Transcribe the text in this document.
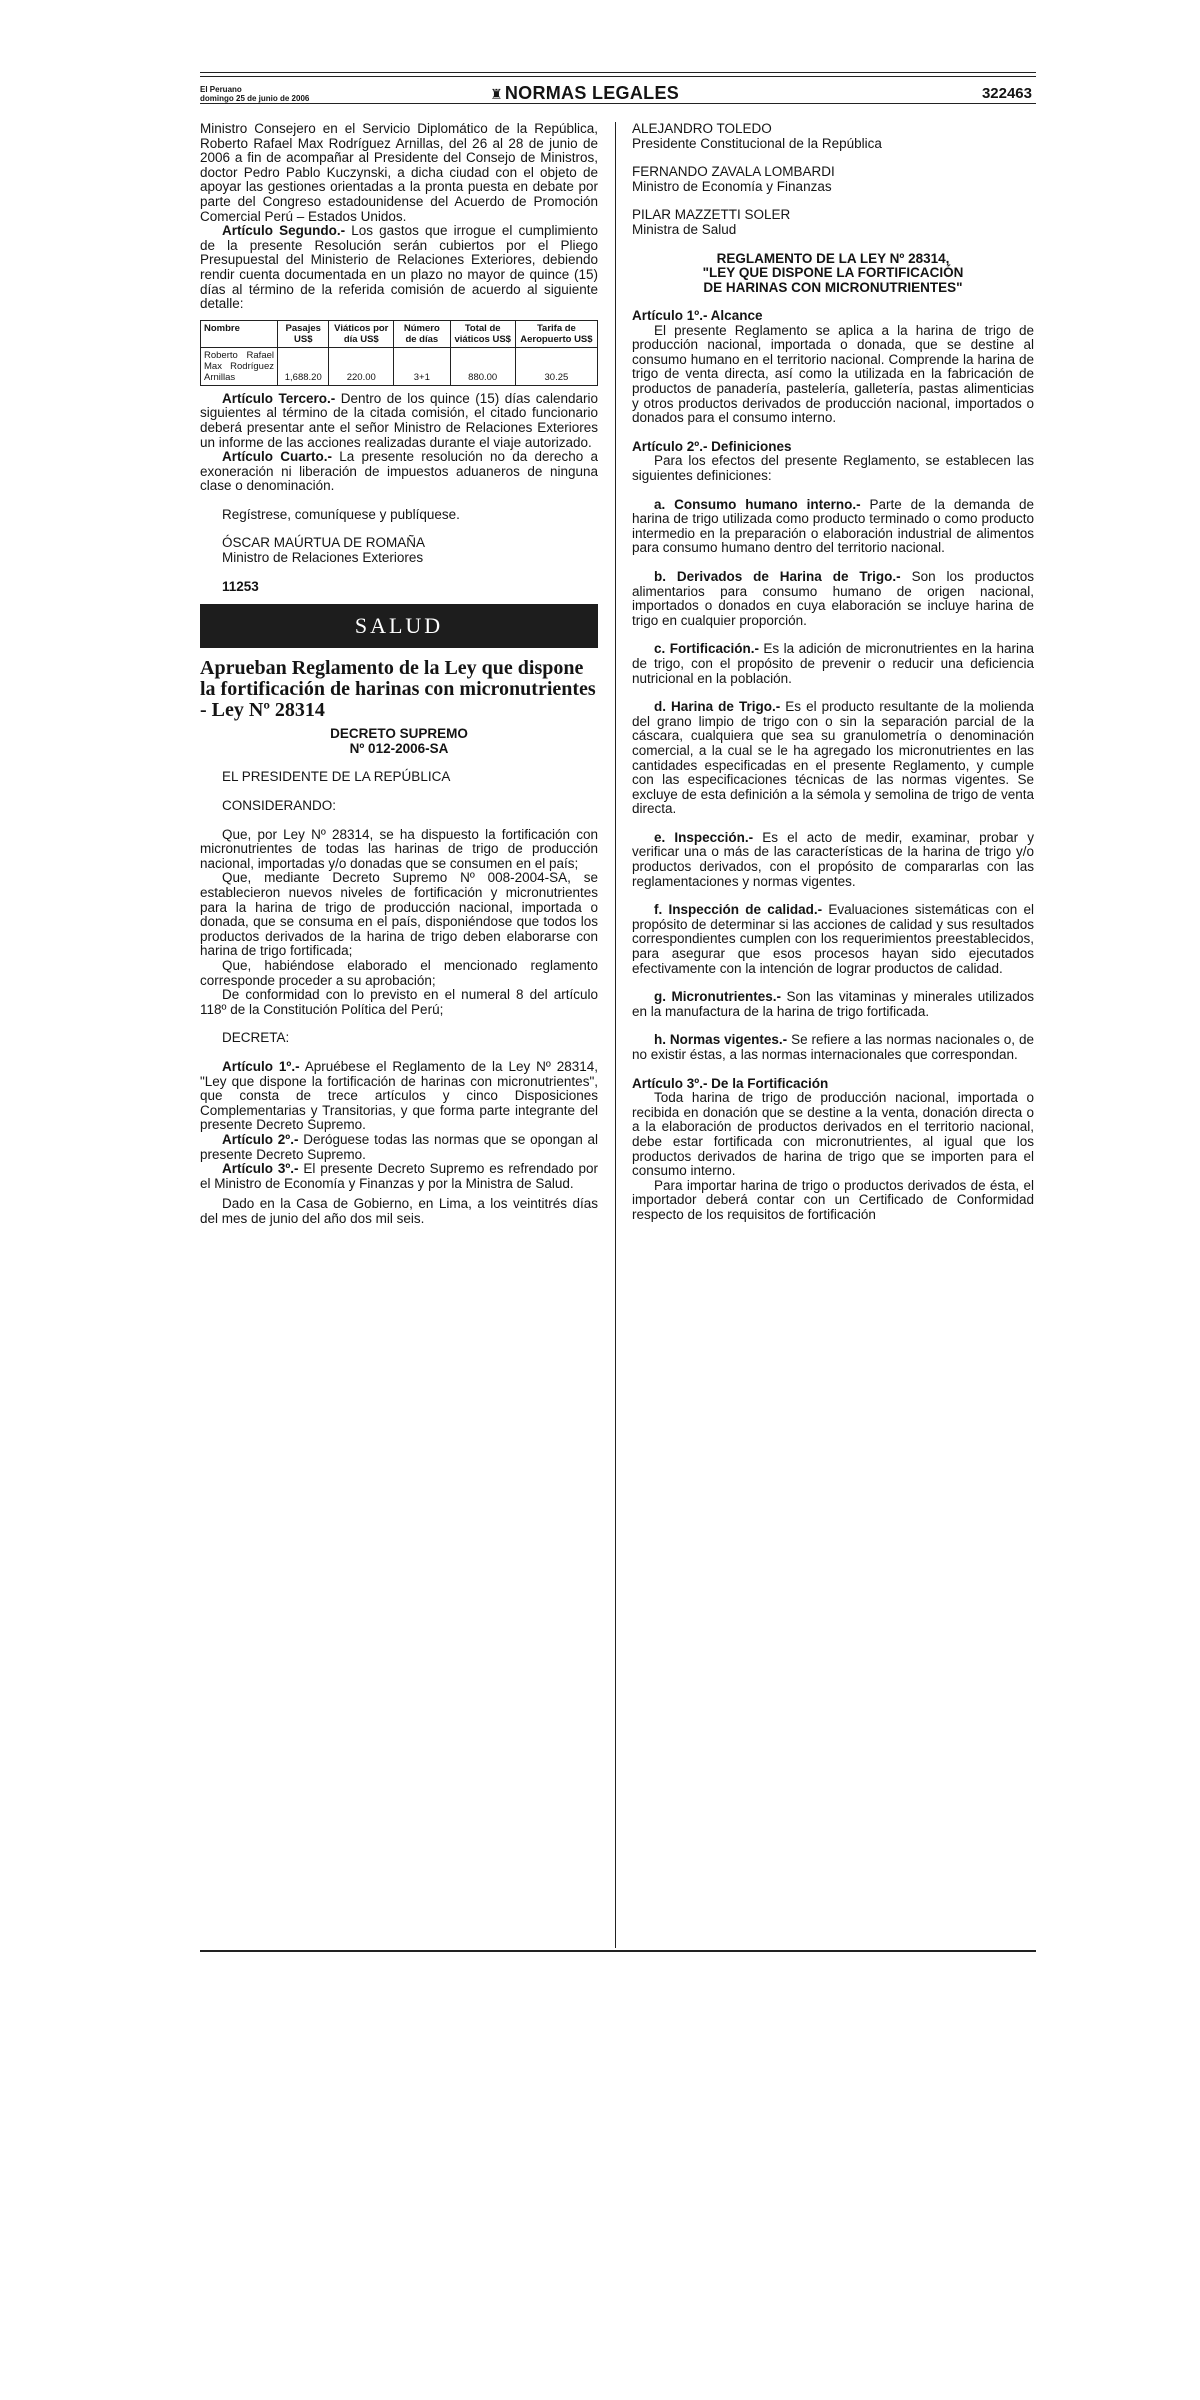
El Peruano
domingo 25 de junio de 2006	♜ NORMAS LEGALES	322463

Ministro Consejero en el Servicio Diplomático de la República, Roberto Rafael Max Rodríguez Arnillas, del 26 al 28 de junio de 2006 a fin de acompañar al Presidente del Consejo de Ministros, doctor Pedro Pablo Kuczynski, a dicha ciudad con el objeto de apoyar las gestiones orientadas a la pronta puesta en debate por parte del Congreso estadounidense del Acuerdo de Promoción Comercial Perú – Estados Unidos.

Artículo Segundo.- Los gastos que irrogue el cumplimiento de la presente Resolución serán cubiertos por el Pliego Presupuestal del Ministerio de Relaciones Exteriores, debiendo rendir cuenta documentada en un plazo no mayor de quince (15) días al término de la referida comisión de acuerdo al siguiente detalle:

Nombre	Pasajes US$	Viáticos por día US$	Número de días	Total de viáticos US$	Tarifa de Aeropuerto US$
Roberto Rafael Max Rodríguez Arnillas	1,688.20	220.00	3+1	880.00	30.25

Artículo Tercero.- Dentro de los quince (15) días calendario siguientes al término de la citada comisión, el citado funcionario deberá presentar ante el señor Ministro de Relaciones Exteriores un informe de las acciones realizadas durante el viaje autorizado.

Artículo Cuarto.- La presente resolución no da derecho a exoneración ni liberación de impuestos aduaneros de ninguna clase o denominación.

Regístrese, comuníquese y publíquese.

ÓSCAR MAÚRTUA DE ROMAÑA
Ministro de Relaciones Exteriores

11253

SALUD
Aprueban Reglamento de la Ley que dispone la fortificación de harinas con micronutrientes - Ley Nº 28314

DECRETO SUPREMO

Nº 012-2006-SA

EL PRESIDENTE DE LA REPÚBLICA

CONSIDERANDO:

Que, por Ley Nº 28314, se ha dispuesto la fortificación con micronutrientes de todas las harinas de trigo de producción nacional, importadas y/o donadas que se consumen en el país;

Que, mediante Decreto Supremo Nº 008-2004-SA, se establecieron nuevos niveles de fortificación y micronutrientes para la harina de trigo de producción nacional, importada o donada, que se consuma en el país, disponiéndose que todos los productos derivados de la harina de trigo deben elaborarse con harina de trigo fortificada;

Que, habiéndose elaborado el mencionado reglamento corresponde proceder a su aprobación;

De conformidad con lo previsto en el numeral 8 del artículo 118º de la Constitución Política del Perú;

DECRETA:

Artículo 1º.- Apruébese el Reglamento de la Ley Nº 28314, "Ley que dispone la fortificación de harinas con micronutrientes", que consta de trece artículos y cinco Disposiciones Complementarias y Transitorias, y que forma parte integrante del presente Decreto Supremo.

Artículo 2º.- Deróguese todas las normas que se opongan al presente Decreto Supremo.

Artículo 3º.- El presente Decreto Supremo es refrendado por el Ministro de Economía y Finanzas y por la Ministra de Salud.

Dado en la Casa de Gobierno, en Lima, a los veintitrés días del mes de junio del año dos mil seis.

ALEJANDRO TOLEDO
Presidente Constitucional de la República

FERNANDO ZAVALA LOMBARDI
Ministro de Economía y Finanzas

PILAR MAZZETTI SOLER
Ministra de Salud

REGLAMENTO DE LA LEY Nº 28314,
"LEY QUE DISPONE LA FORTIFICACIÓN
DE HARINAS CON MICRONUTRIENTES"

Artículo 1º.- Alcance

El presente Reglamento se aplica a la harina de trigo de producción nacional, importada o donada, que se destine al consumo humano en el territorio nacional. Comprende la harina de trigo de venta directa, así como la utilizada en la fabricación de productos de panadería, pastelería, galletería, pastas alimenticias y otros productos derivados de producción nacional, importados o donados para el consumo interno.

Artículo 2º.- Definiciones

Para los efectos del presente Reglamento, se establecen las siguientes definiciones:

a. Consumo humano interno.- Parte de la demanda de harina de trigo utilizada como producto terminado o como producto intermedio en la preparación o elaboración industrial de alimentos para consumo humano dentro del territorio nacional.

b. Derivados de Harina de Trigo.- Son los productos alimentarios para consumo humano de origen nacional, importados o donados en cuya elaboración se incluye harina de trigo en cualquier proporción.

c. Fortificación.- Es la adición de micronutrientes en la harina de trigo, con el propósito de prevenir o reducir una deficiencia nutricional en la población.

d. Harina de Trigo.- Es el producto resultante de la molienda del grano limpio de trigo con o sin la separación parcial de la cáscara, cualquiera que sea su granulometría o denominación comercial, a la cual se le ha agregado los micronutrientes en las cantidades especificadas en el presente Reglamento, y cumple con las especificaciones técnicas de las normas vigentes. Se excluye de esta definición a la sémola y semolina de trigo de venta directa.

e. Inspección.- Es el acto de medir, examinar, probar y verificar una o más de las características de la harina de trigo y/o productos derivados, con el propósito de compararlas con las reglamentaciones y normas vigentes.

f. Inspección de calidad.- Evaluaciones sistemáticas con el propósito de determinar si las acciones de calidad y sus resultados correspondientes cumplen con los requerimientos preestablecidos, para asegurar que esos procesos hayan sido ejecutados efectivamente con la intención de lograr productos de calidad.

g. Micronutrientes.- Son las vitaminas y minerales utilizados en la manufactura de la harina de trigo fortificada.

h. Normas vigentes.- Se refiere a las normas nacionales o, de no existir éstas, a las normas internacionales que correspondan.

Artículo 3º.- De la Fortificación

Toda harina de trigo de producción nacional, importada o recibida en donación que se destine a la venta, donación directa o a la elaboración de productos derivados en el territorio nacional, debe estar fortificada con micronutrientes, al igual que los productos derivados de harina de trigo que se importen para el consumo interno.

Para importar harina de trigo o productos derivados de ésta, el importador deberá contar con un Certificado de Conformidad respecto de los requisitos de fortificación
